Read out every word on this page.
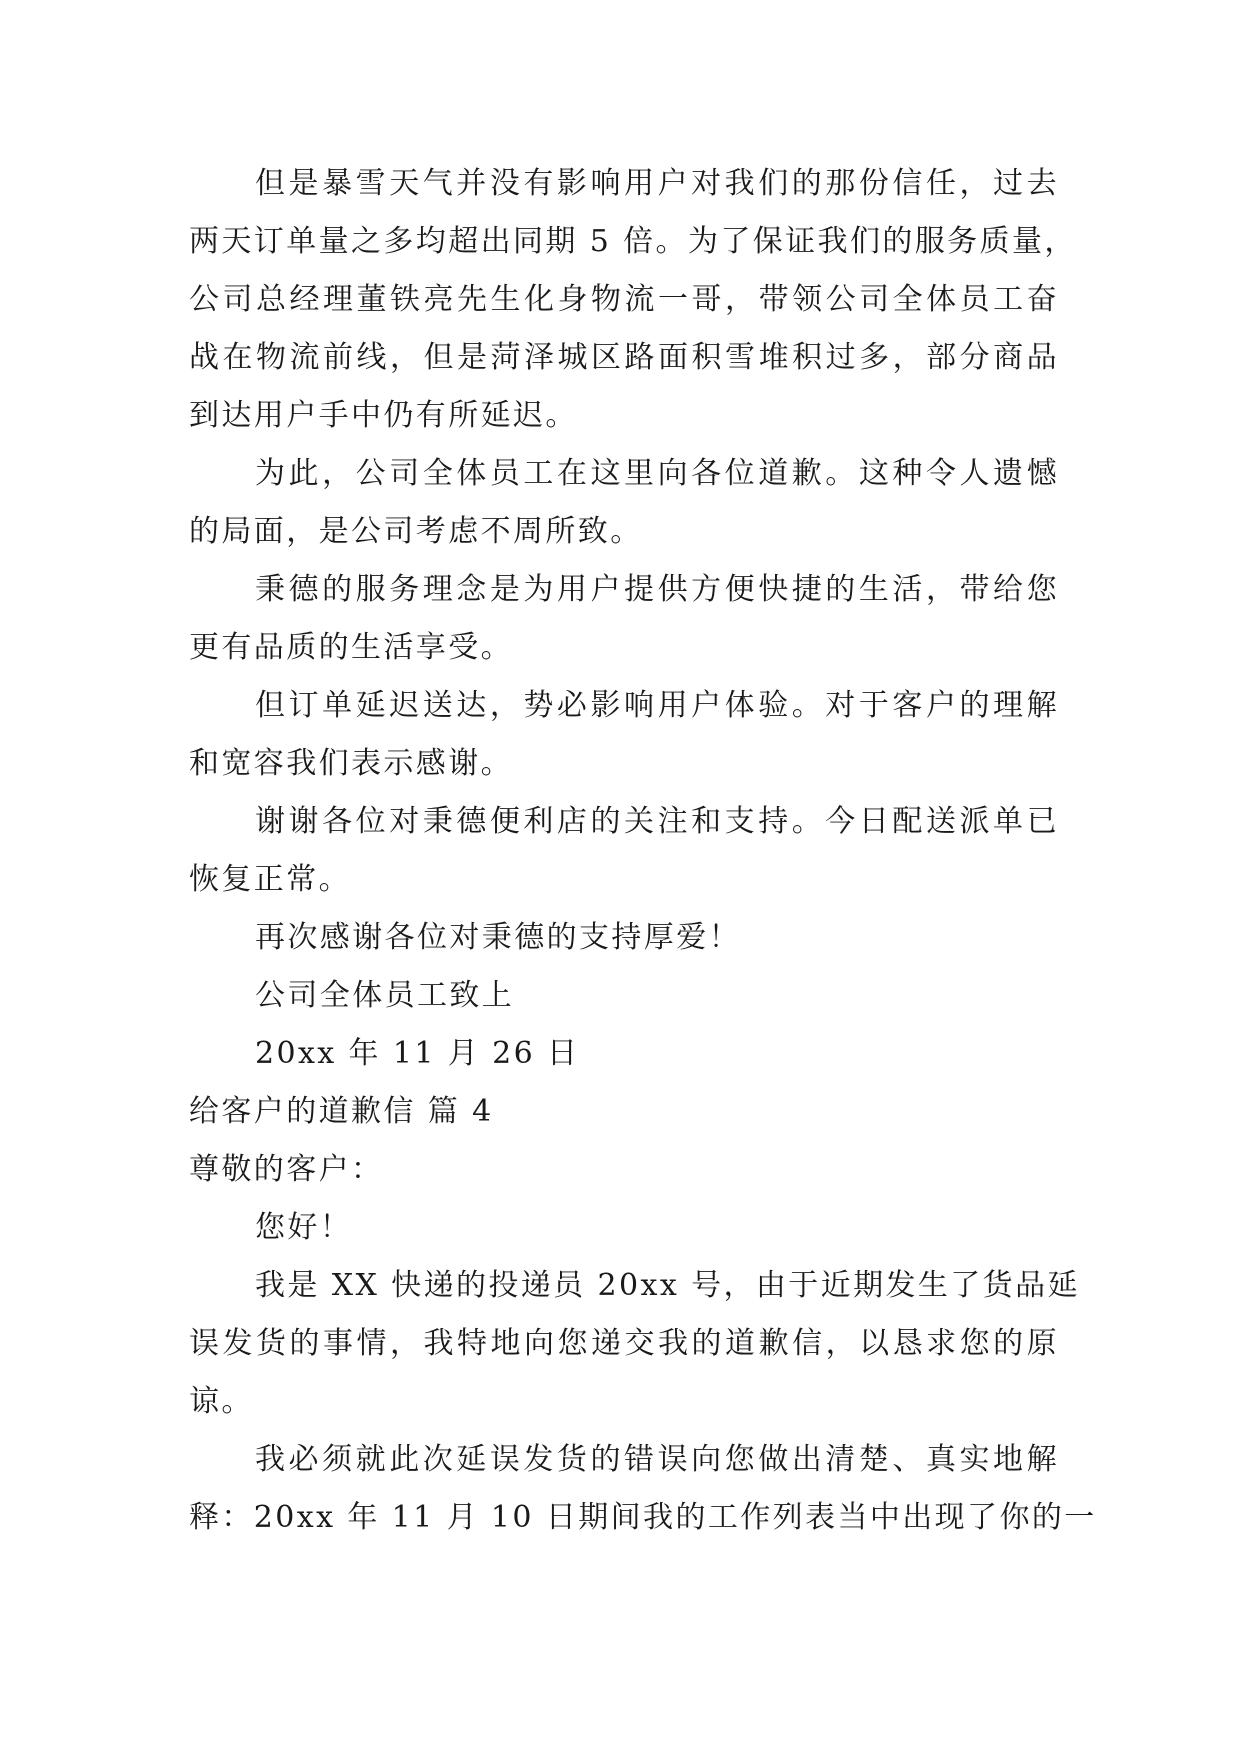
但是暴雪天气并没有影响用户对我们的那份信任，过去
两天订单量之多均超出同期 5 倍。为了保证我们的服务质量，
公司总经理董铁亮先生化身物流一哥，带领公司全体员工奋
战在物流前线，但是菏泽城区路面积雪堆积过多，部分商品
到达用户手中仍有所延迟。
为此，公司全体员工在这里向各位道歉。这种令人遗憾
的局面，是公司考虑不周所致。
秉德的服务理念是为用户提供方便快捷的生活，带给您
更有品质的生活享受。
但订单延迟送达，势必影响用户体验。对于客户的理解
和宽容我们表示感谢。
谢谢各位对秉德便利店的关注和支持。今日配送派单已
恢复正常。
再次感谢各位对秉德的支持厚爱！
公司全体员工致上
20xx 年 11 月 26 日
给客户的道歉信 篇 4
尊敬的客户：
您好！
我是 XX 快递的投递员 20xx 号，由于近期发生了货品延
误发货的事情，我特地向您递交我的道歉信，以恳求您的原
谅。
我必须就此次延误发货的错误向您做出清楚、真实地解
释：20xx 年 11 月 10 日期间我的工作列表当中出现了你的一
